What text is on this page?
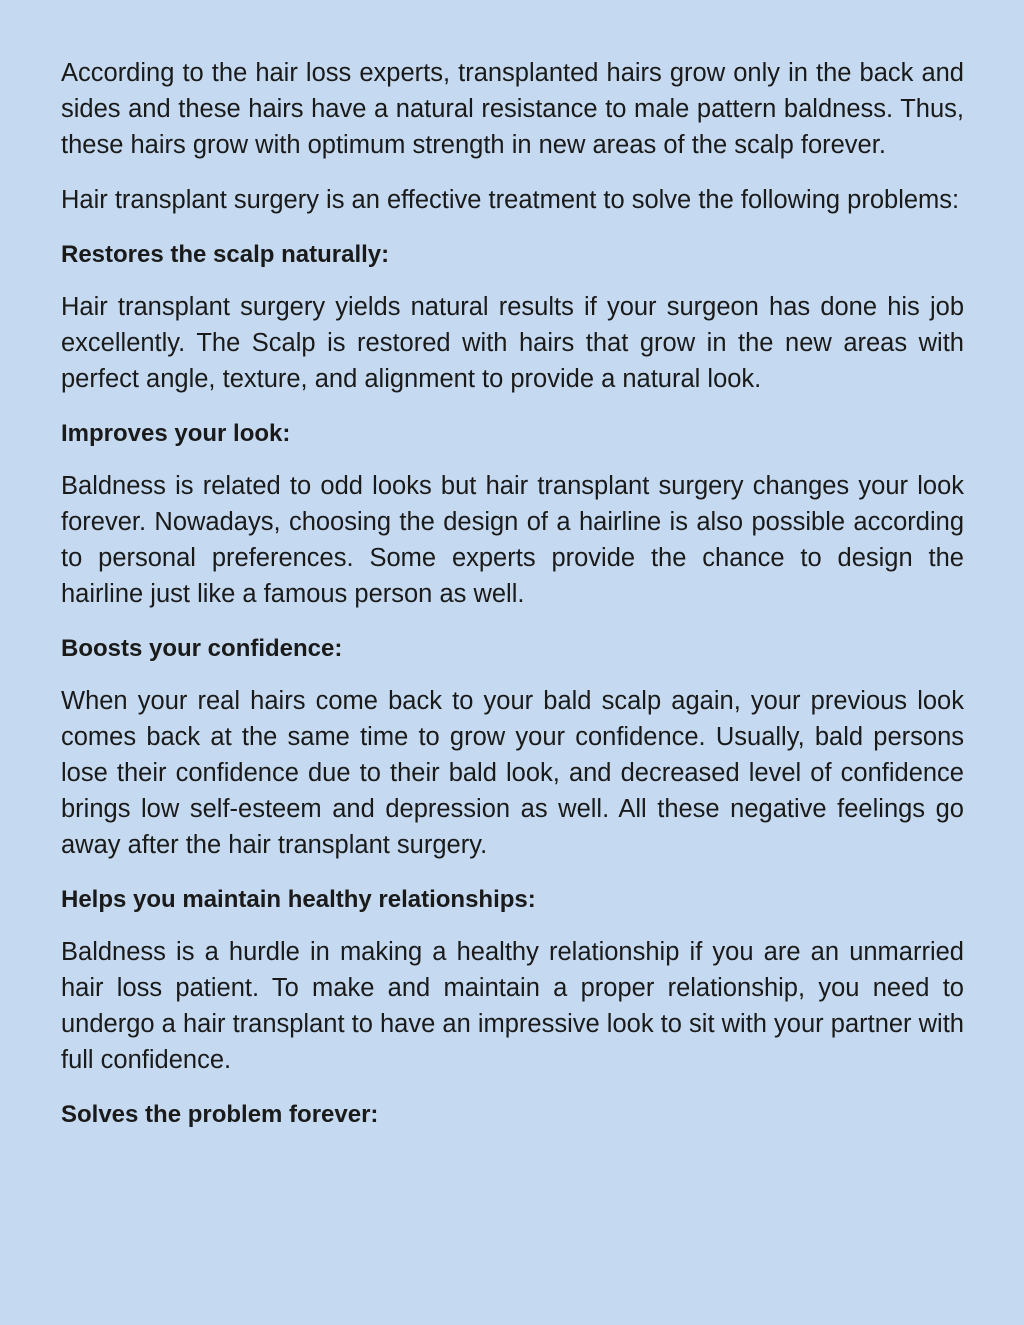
According to the hair loss experts, transplanted hairs grow only in the back and sides and these hairs have a natural resistance to male pattern baldness. Thus, these hairs grow with optimum strength in new areas of the scalp forever.

Hair transplant surgery is an effective treatment to solve the following problems:

Restores the scalp naturally:

Hair transplant surgery yields natural results if your surgeon has done his job excellently. The Scalp is restored with hairs that grow in the new areas with perfect angle, texture, and alignment to provide a natural look.

Improves your look:

Baldness is related to odd looks but hair transplant surgery changes your look forever. Nowadays, choosing the design of a hairline is also possible according to personal preferences. Some experts provide the chance to design the hairline just like a famous person as well.

Boosts your confidence:

When your real hairs come back to your bald scalp again, your previous look comes back at the same time to grow your confidence. Usually, bald persons lose their confidence due to their bald look, and decreased level of confidence brings low self-esteem and depression as well. All these negative feelings go away after the hair transplant surgery.

Helps you maintain healthy relationships:

Baldness is a hurdle in making a healthy relationship if you are an unmarried hair loss patient. To make and maintain a proper relationship, you need to undergo a hair transplant to have an impressive look to sit with your partner with full confidence.

Solves the problem forever:
